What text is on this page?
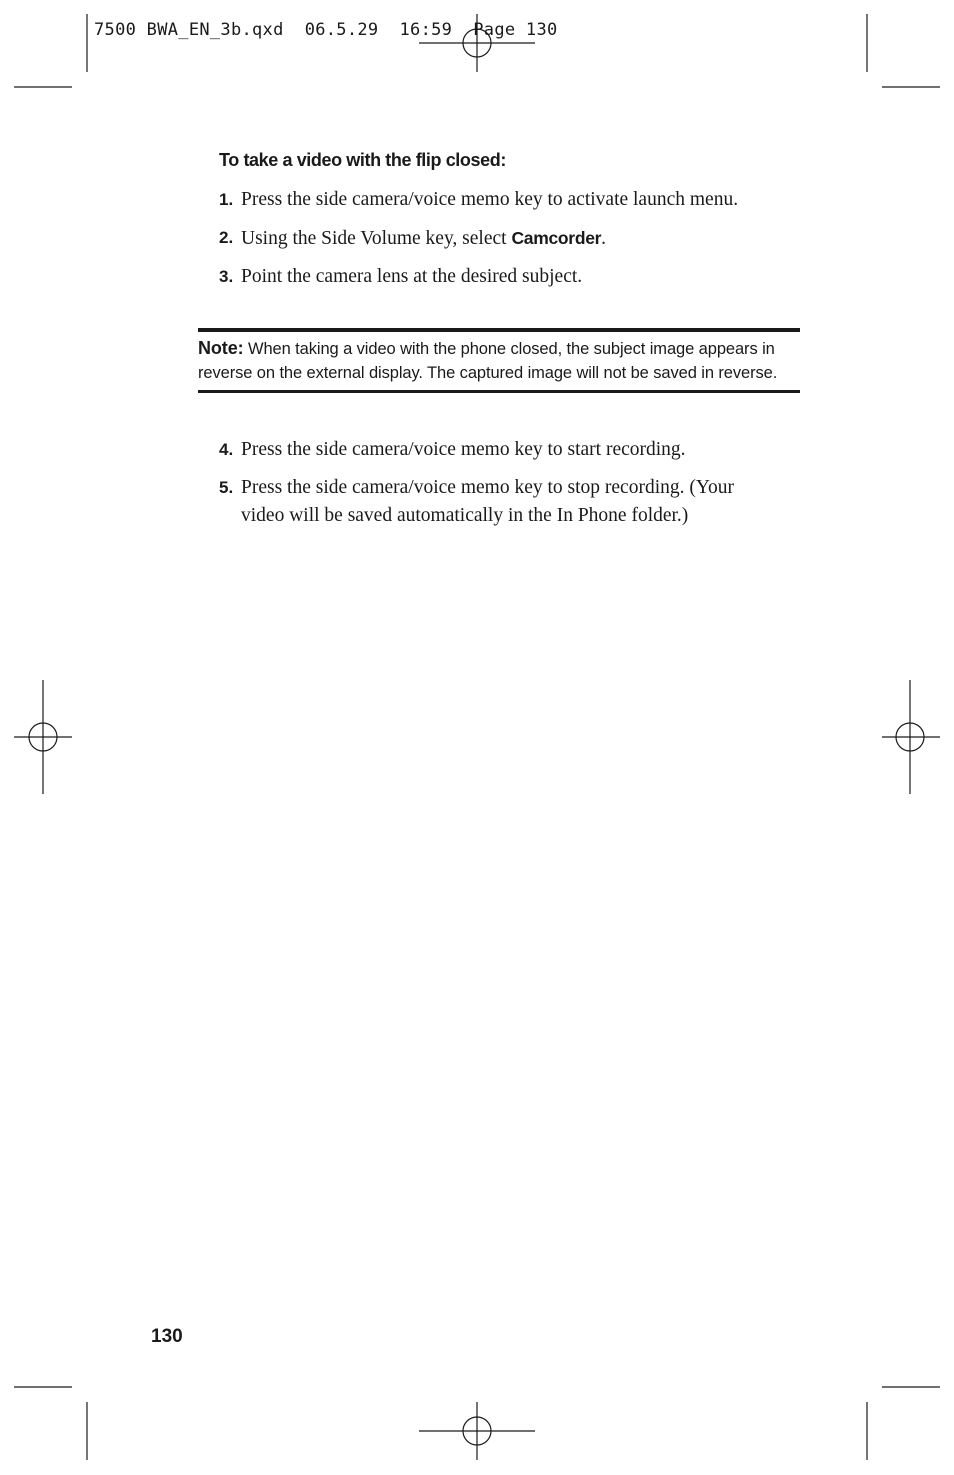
7500 BWA_EN_3b.qxd  06.5.29  16:59  Page 130
To take a video with the flip closed:
1. Press the side camera/voice memo key to activate launch menu.
2. Using the Side Volume key, select Camcorder.
3. Point the camera lens at the desired subject.
Note: When taking a video with the phone closed, the subject image appears in reverse on the external display. The captured image will not be saved in reverse.
4. Press the side camera/voice memo key to start recording.
5. Press the side camera/voice memo key to stop recording. (Your video will be saved automatically in the In Phone folder.)
130
